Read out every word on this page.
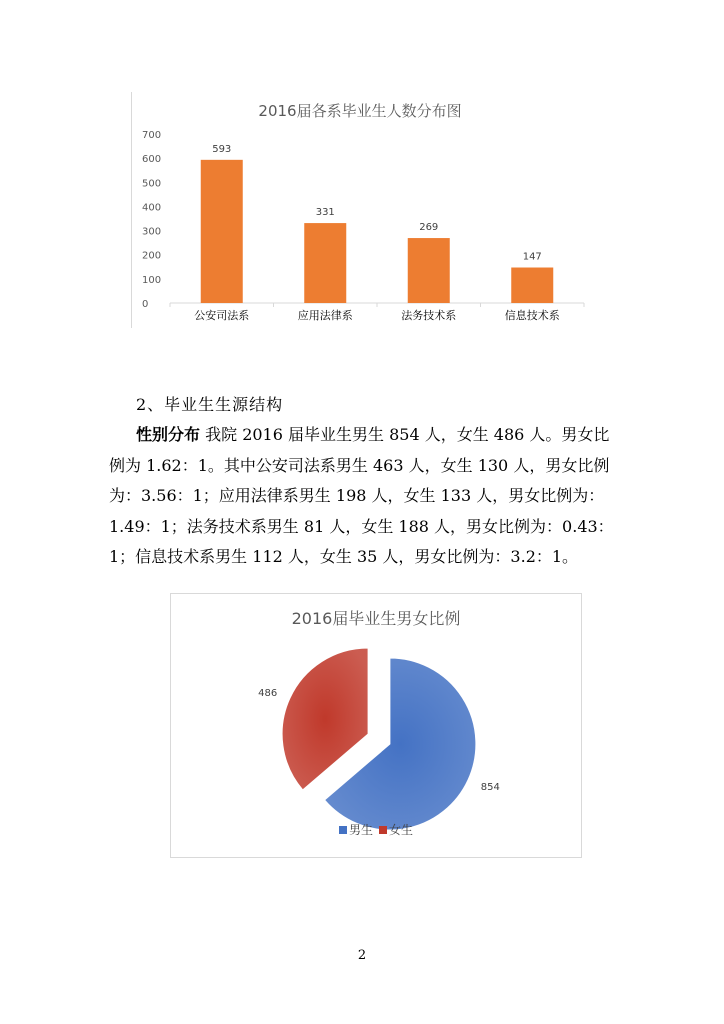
2016届各系毕业生人数分布图
0
100
200
300
400
500
600
700
593
公安司法系
331
应用法律系
269
法务技术系
147
信息技术系
2、毕业生生源结构
性别分布 我院 2016 届毕业生男生 854 人，女生 486 人。男女比
例为 1.62：1。其中公安司法系男生 463 人，女生 130 人，男女比例
为：3.56：1；应用法律系男生 198 人，女生 133 人，男女比例为：
1.49：1；法务技术系男生 81 人，女生 188 人，男女比例为：0.43：
1；信息技术系男生 112 人，女生 35 人，男女比例为：3.2：1。
2016届毕业生男女比例
854
486
男生 女生
2
